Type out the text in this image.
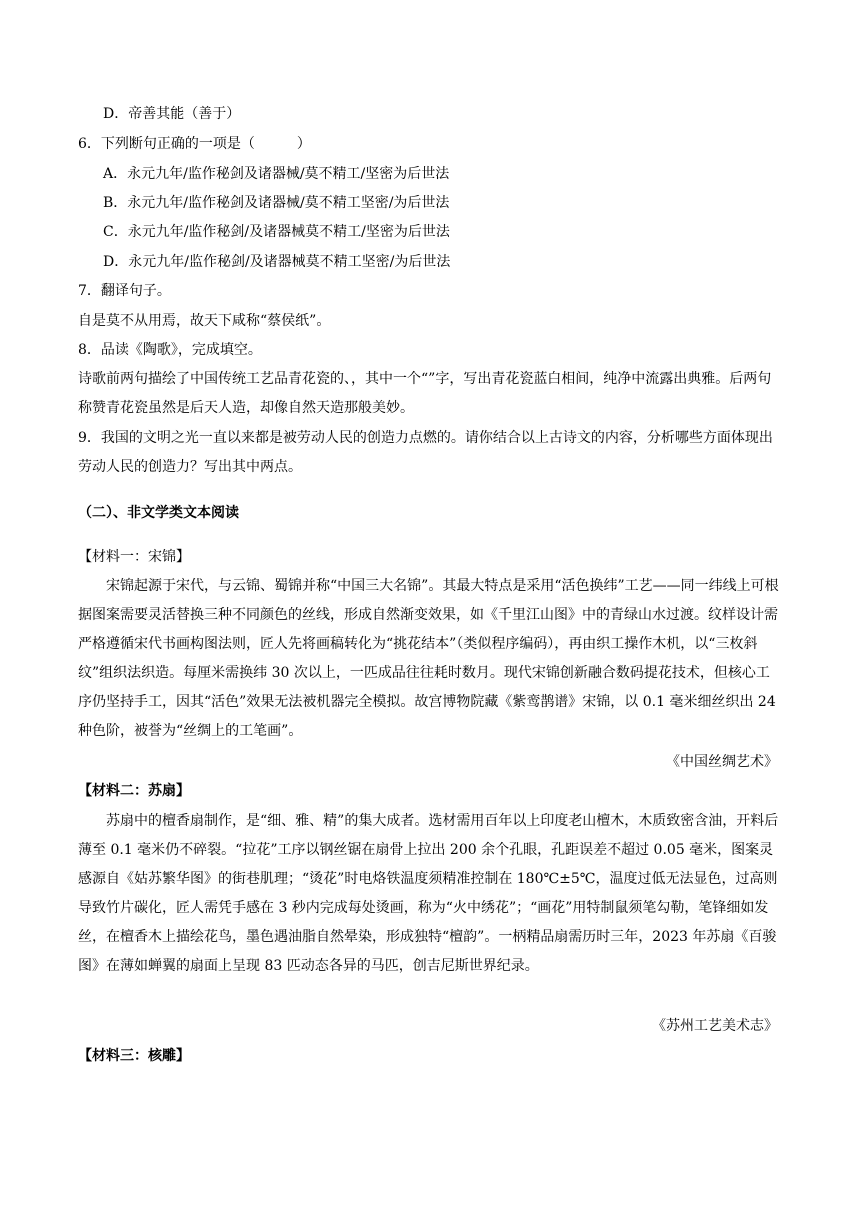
D．帝善其能（善于）
6．下列断句正确的一项是（　　　）
A．永元九年/监作秘剑及诸器械/莫不精工/坚密为后世法
B．永元九年/监作秘剑及诸器械/莫不精工坚密/为后世法
C．永元九年/监作秘剑/及诸器械莫不精工/坚密为后世法
D．永元九年/监作秘剑/及诸器械莫不精工坚密/为后世法
7．翻译句子。
自是莫不从用焉，故天下咸称“蔡侯纸”。
8．品读《陶歌》，完成填空。
诗歌前两句描绘了中国传统工艺品青花瓷的、，其中一个“”字，写出青花瓷蓝白相间，纯净中流露出典雅。后两句称赞青花瓷虽然是后天人造，却像自然天造那般美妙。
9．我国的文明之光一直以来都是被劳动人民的创造力点燃的。请你结合以上古诗文的内容，分析哪些方面体现出劳动人民的创造力？写出其中两点。
（二）、非文学类文本阅读
【材料一：宋锦】
宋锦起源于宋代，与云锦、蜀锦并称“中国三大名锦”。其最大特点是采用“活色换纬”工艺——同一纬线上可根据图案需要灵活替换三种不同颜色的丝线，形成自然渐变效果，如《千里江山图》中的青绿山水过渡。纹样设计需严格遵循宋代书画构图法则，匠人先将画稿转化为“挑花结本”（类似程序编码），再由织工操作木机，以“三枚斜纹”组织法织造。每厘米需换纬 30 次以上，一匹成品往往耗时数月。现代宋锦创新融合数码提花技术，但核心工序仍坚持手工，因其“活色”效果无法被机器完全模拟。故宫博物院藏《紫鸾鹊谱》宋锦，以 0.1 毫米细丝织出 24 种色阶，被誉为“丝绸上的工笔画”。
《中国丝绸艺术》
【材料二：苏扇】
苏扇中的檀香扇制作，是“细、雅、精”的集大成者。选材需用百年以上印度老山檀木，木质致密含油，开料后薄至 0.1 毫米仍不碎裂。“拉花”工序以钢丝锯在扇骨上拉出 200 余个孔眼，孔距误差不超过 0.05 毫米，图案灵感源自《姑苏繁华图》的街巷肌理；“烫花”时电烙铁温度须精准控制在 180℃±5℃，温度过低无法显色，过高则导致竹片碳化，匠人需凭手感在 3 秒内完成每处烫画，称为“火中绣花”；“画花”用特制鼠须笔勾勒，笔锋细如发丝，在檀香木上描绘花鸟，墨色遇油脂自然晕染，形成独特“檀韵”。一柄精品扇需历时三年，2023 年苏扇《百骏图》在薄如蝉翼的扇面上呈现 83 匹动态各异的马匹，创吉尼斯世界纪录。
《苏州工艺美术志》
【材料三：核雕】
